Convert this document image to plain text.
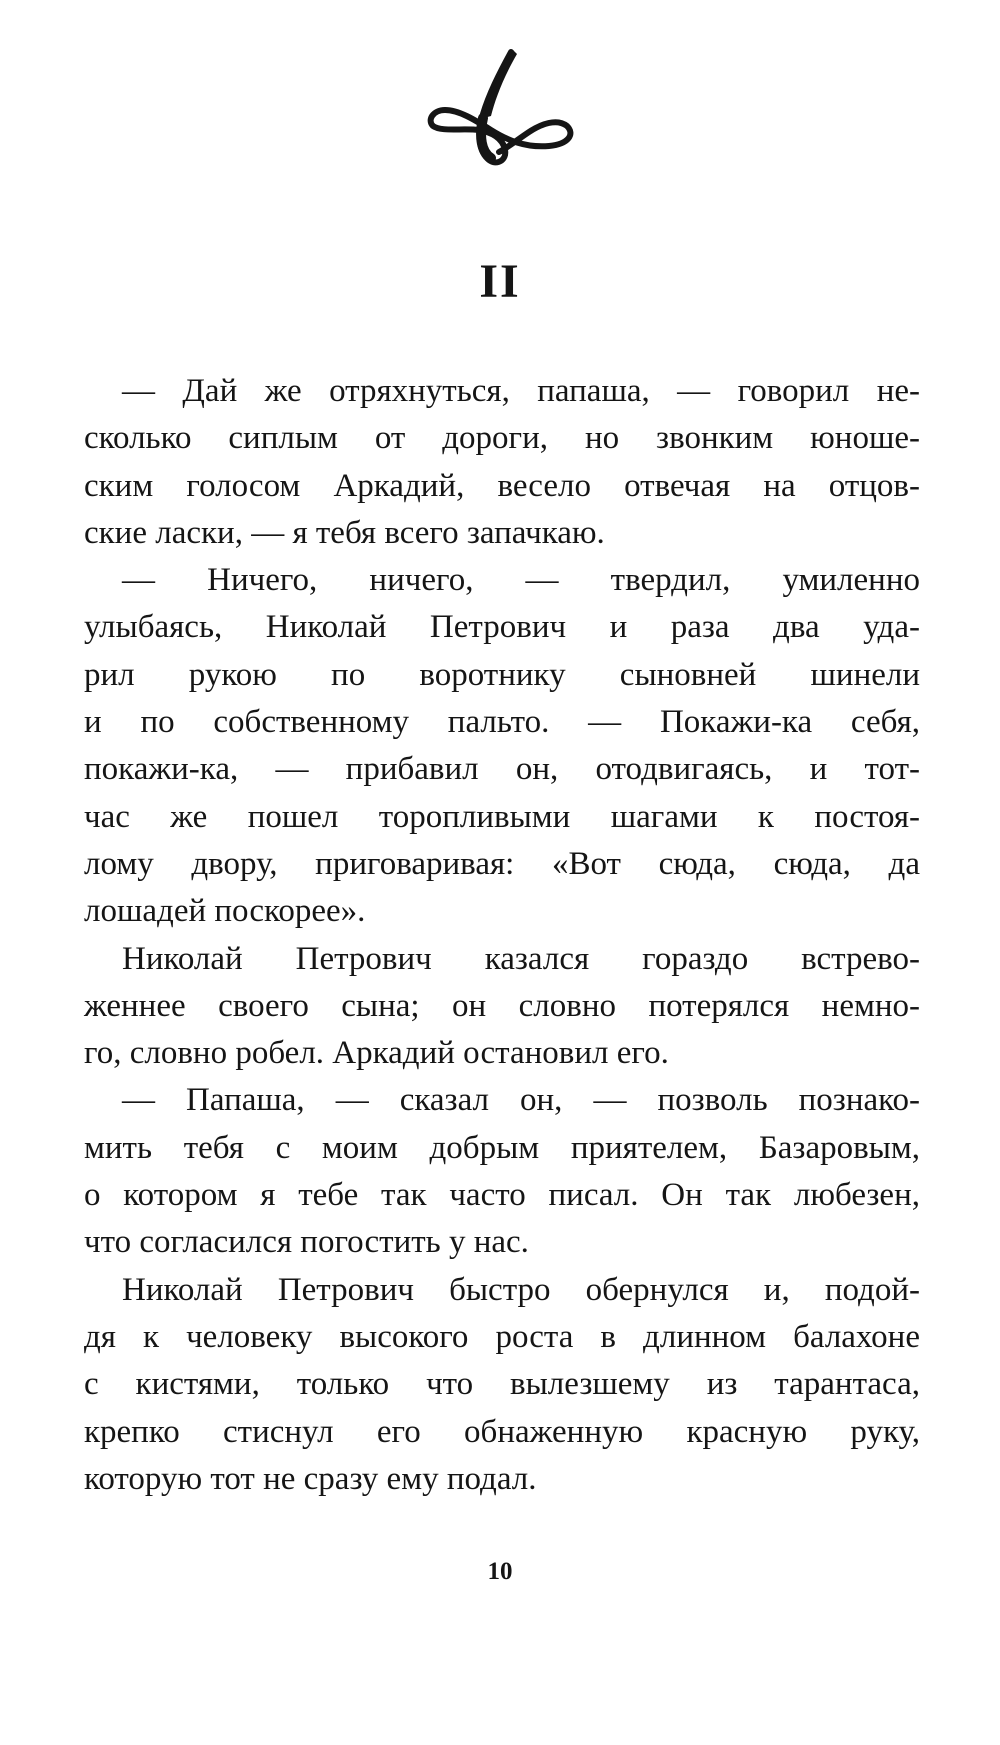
II
— Дай же отряхнуться, папаша, — говорил не-
сколько сиплым от дороги, но звонким юноше-
ским голосом Аркадий, весело отвечая на отцов-
ские ласки, — я тебя всего запачкаю.
— Ничего, ничего, — твердил, умиленно
улыбаясь, Николай Петрович и раза два уда-
рил рукою по воротнику сыновней шинели
и по собственному пальто. — Покажи-ка себя,
покажи-ка, — прибавил он, отодвигаясь, и тот-
час же пошел торопливыми шагами к постоя-
лому двору, приговаривая: «Вот сюда, сюда, да
лошадей поскорее».
Николай Петрович казался гораздо встрево-
женнее своего сына; он словно потерялся немно-
го, словно робел. Аркадий остановил его.
— Папаша, — сказал он, — позволь познако-
мить тебя с моим добрым приятелем, Базаровым,
о котором я тебе так часто писал. Он так любезен,
что согласился погостить у нас.
Николай Петрович быстро обернулся и, подой-
дя к человеку высокого роста в длинном балахоне
с кистями, только что вылезшему из тарантаса,
крепко стиснул его обнаженную красную руку,
которую тот не сразу ему подал.
10
